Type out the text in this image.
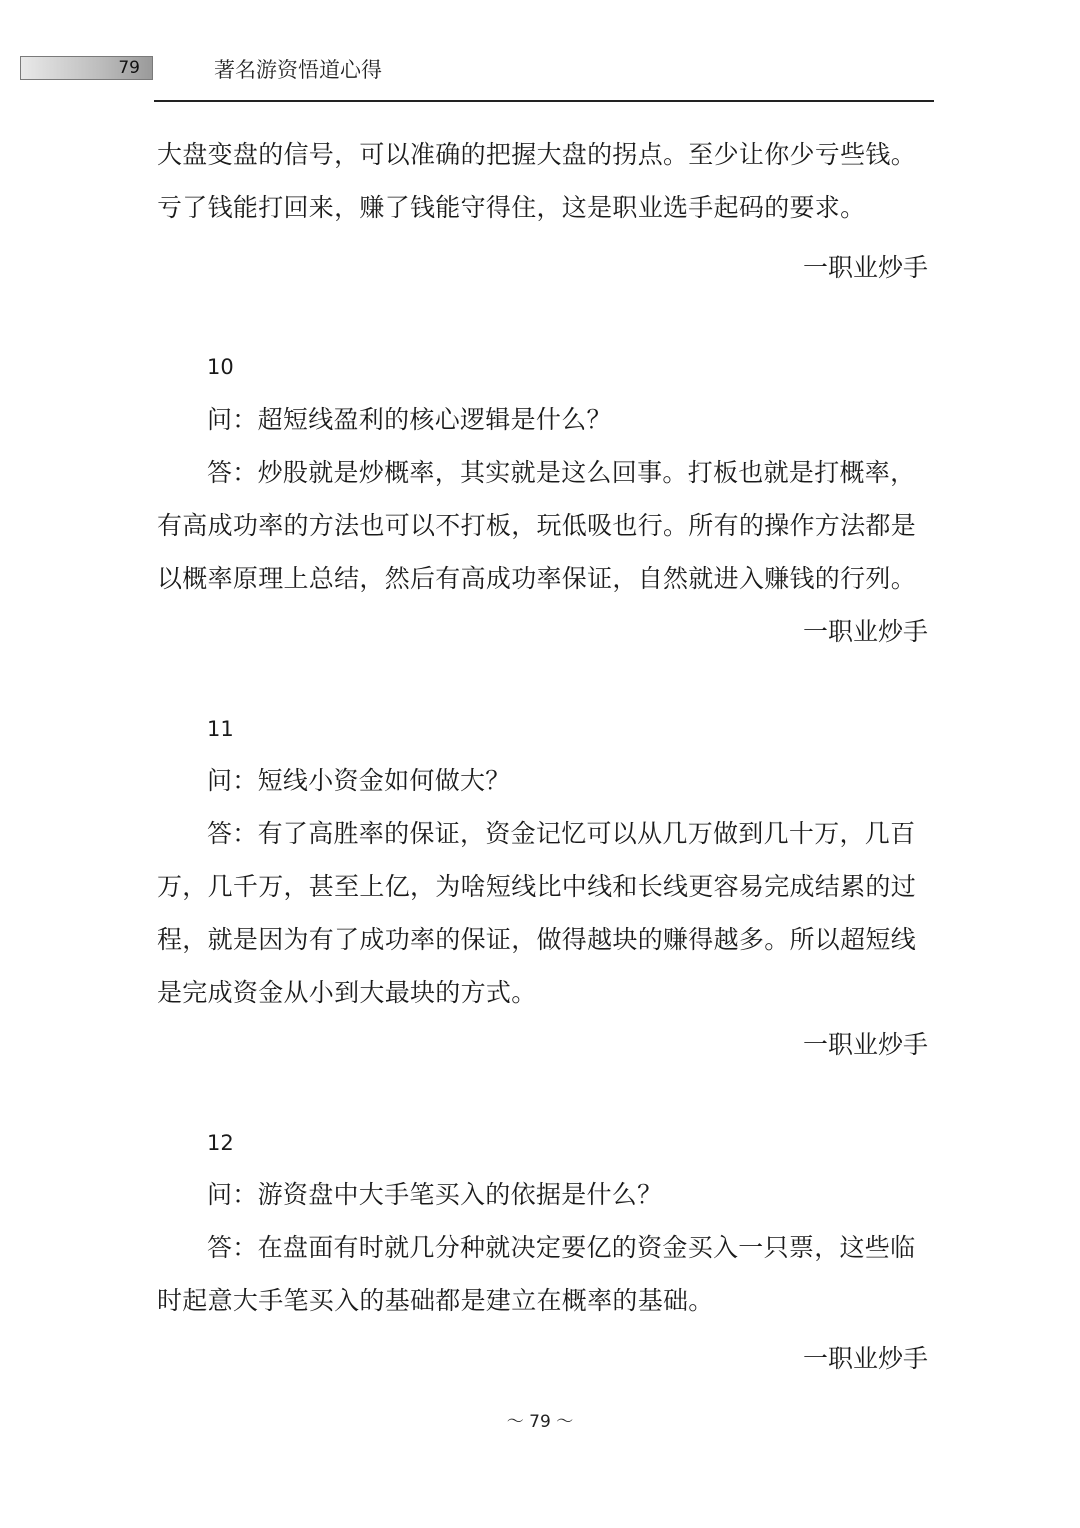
79	著名游资悟道心得
大盘变盘的信号，可以准确的把握大盘的拐点。至少让你少亏些钱。亏了钱能打回来，赚了钱能守得住，这是职业选手起码的要求。
一职业炒手
10
问：超短线盈利的核心逻辑是什么？
答：炒股就是炒概率，其实就是这么回事。打板也就是打概率，有高成功率的方法也可以不打板，玩低吸也行。所有的操作方法都是以概率原理上总结，然后有高成功率保证，自然就进入赚钱的行列。
一职业炒手
11
问：短线小资金如何做大？
答：有了高胜率的保证，资金记忆可以从几万做到几十万，几百万，几千万，甚至上亿，为啥短线比中线和长线更容易完成结累的过程，就是因为有了成功率的保证，做得越块的赚得越多。所以超短线是完成资金从小到大最块的方式。
一职业炒手
12
问：游资盘中大手笔买入的依据是什么？
答：在盘面有时就几分种就决定要亿的资金买入一只票，这些临时起意大手笔买入的基础都是建立在概率的基础。
一职业炒手
～ 79 ～
